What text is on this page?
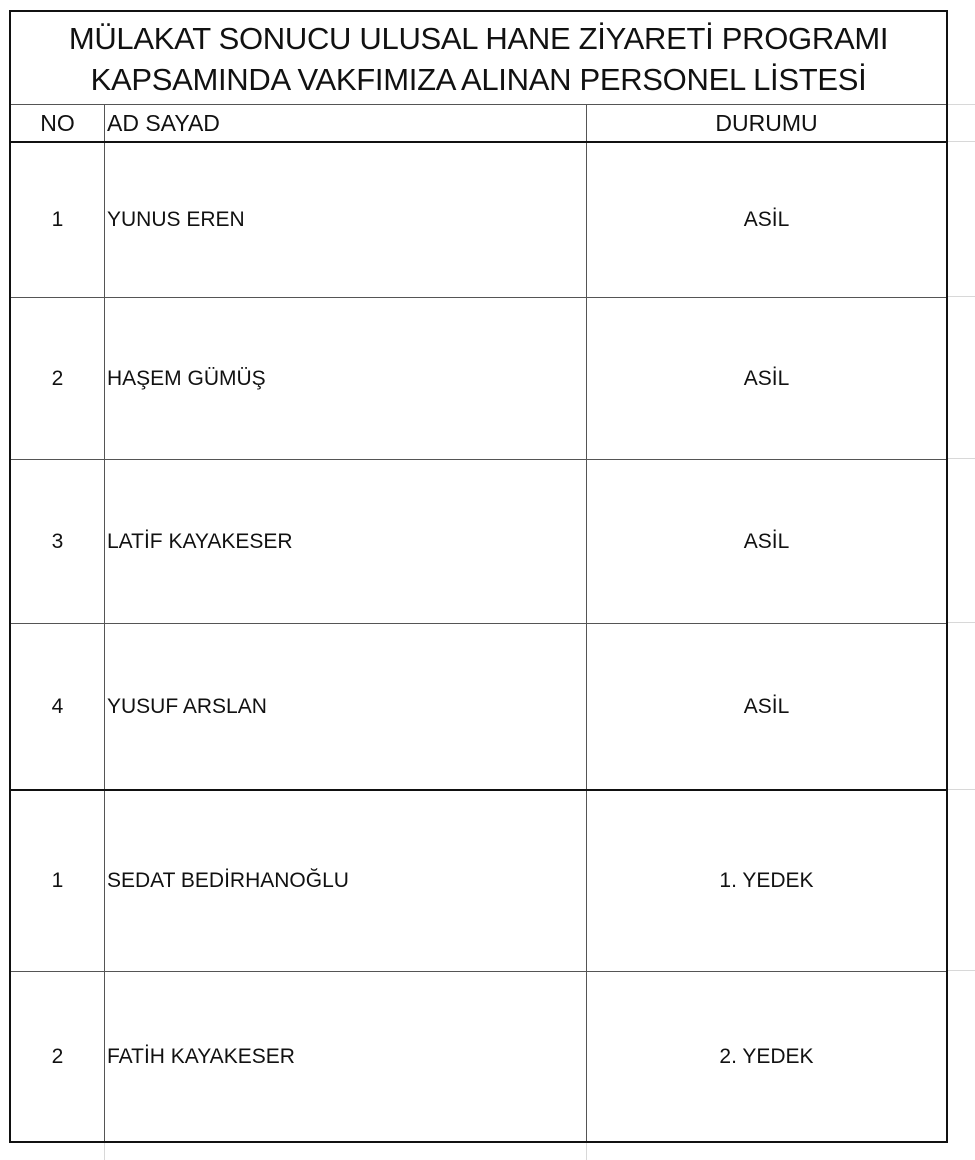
MÜLAKAT SONUCU ULUSAL HANE ZİYARETİ PROGRAMI
KAPSAMINDA VAKFIMIZA ALINAN PERSONEL LİSTESİ
NO	AD SAYAD	DURUMU
1	YUNUS EREN	ASİL
2	HAŞEM GÜMÜŞ	ASİL
3	LATİF KAYAKESER	ASİL
4	YUSUF ARSLAN	ASİL
1	SEDAT BEDİRHANOĞLU	1. YEDEK
2	FATİH KAYAKESER	2. YEDEK
